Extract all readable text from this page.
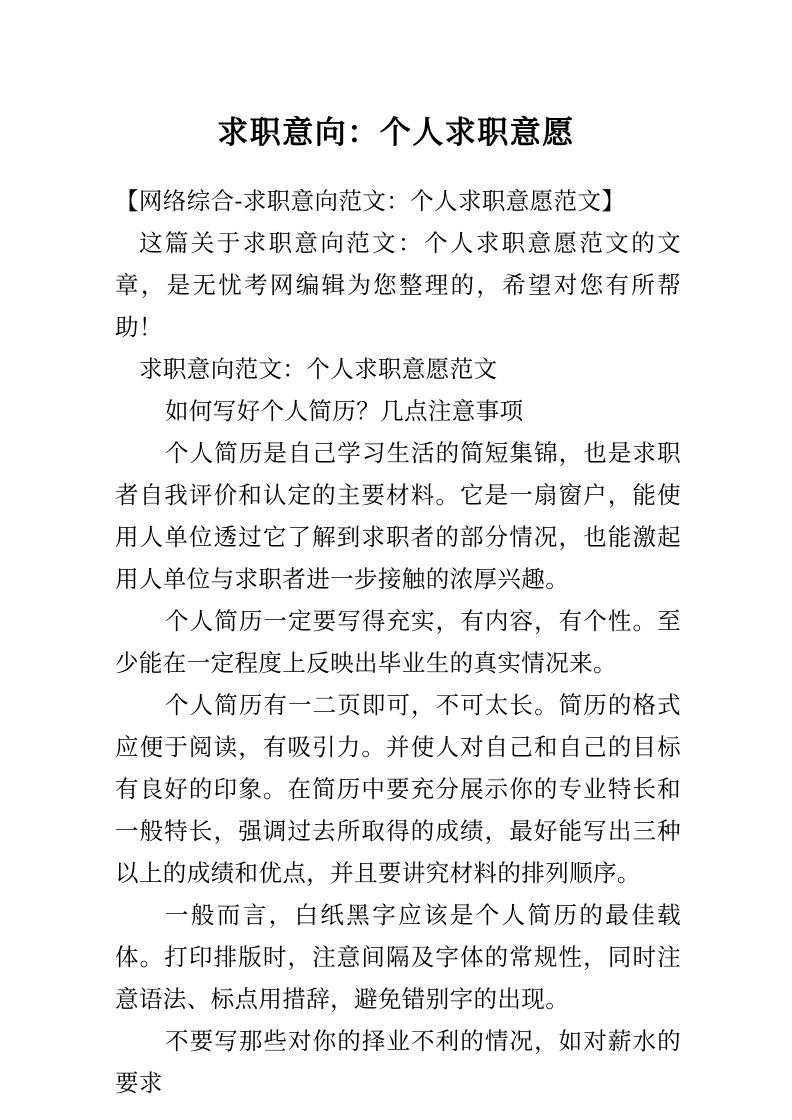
求职意向：个人求职意愿

【网络综合-求职意向范文：个人求职意愿范文】

这篇关于求职意向范文：个人求职意愿范文的文章，是无忧考网编辑为您整理的，希望对您有所帮助！

求职意向范文：个人求职意愿范文

如何写好个人简历？几点注意事项

个人简历是自己学习生活的简短集锦，也是求职者自我评价和认定的主要材料。它是一扇窗户，能使用人单位透过它了解到求职者的部分情况，也能激起用人单位与求职者进一步接触的浓厚兴趣。

个人简历一定要写得充实，有内容，有个性。至少能在一定程度上反映出毕业生的真实情况来。

个人简历有一二页即可，不可太长。简历的格式应便于阅读，有吸引力。并使人对自己和自己的目标有良好的印象。在简历中要充分展示你的专业特长和一般特长，强调过去所取得的成绩，最好能写出三种以上的成绩和优点，并且要讲究材料的排列顺序。

一般而言，白纸黑字应该是个人简历的最佳载体。打印排版时，注意间隔及字体的常规性，同时注意语法、标点用措辞，避免错别字的出现。

不要写那些对你的择业不利的情况，如对薪水的要求
